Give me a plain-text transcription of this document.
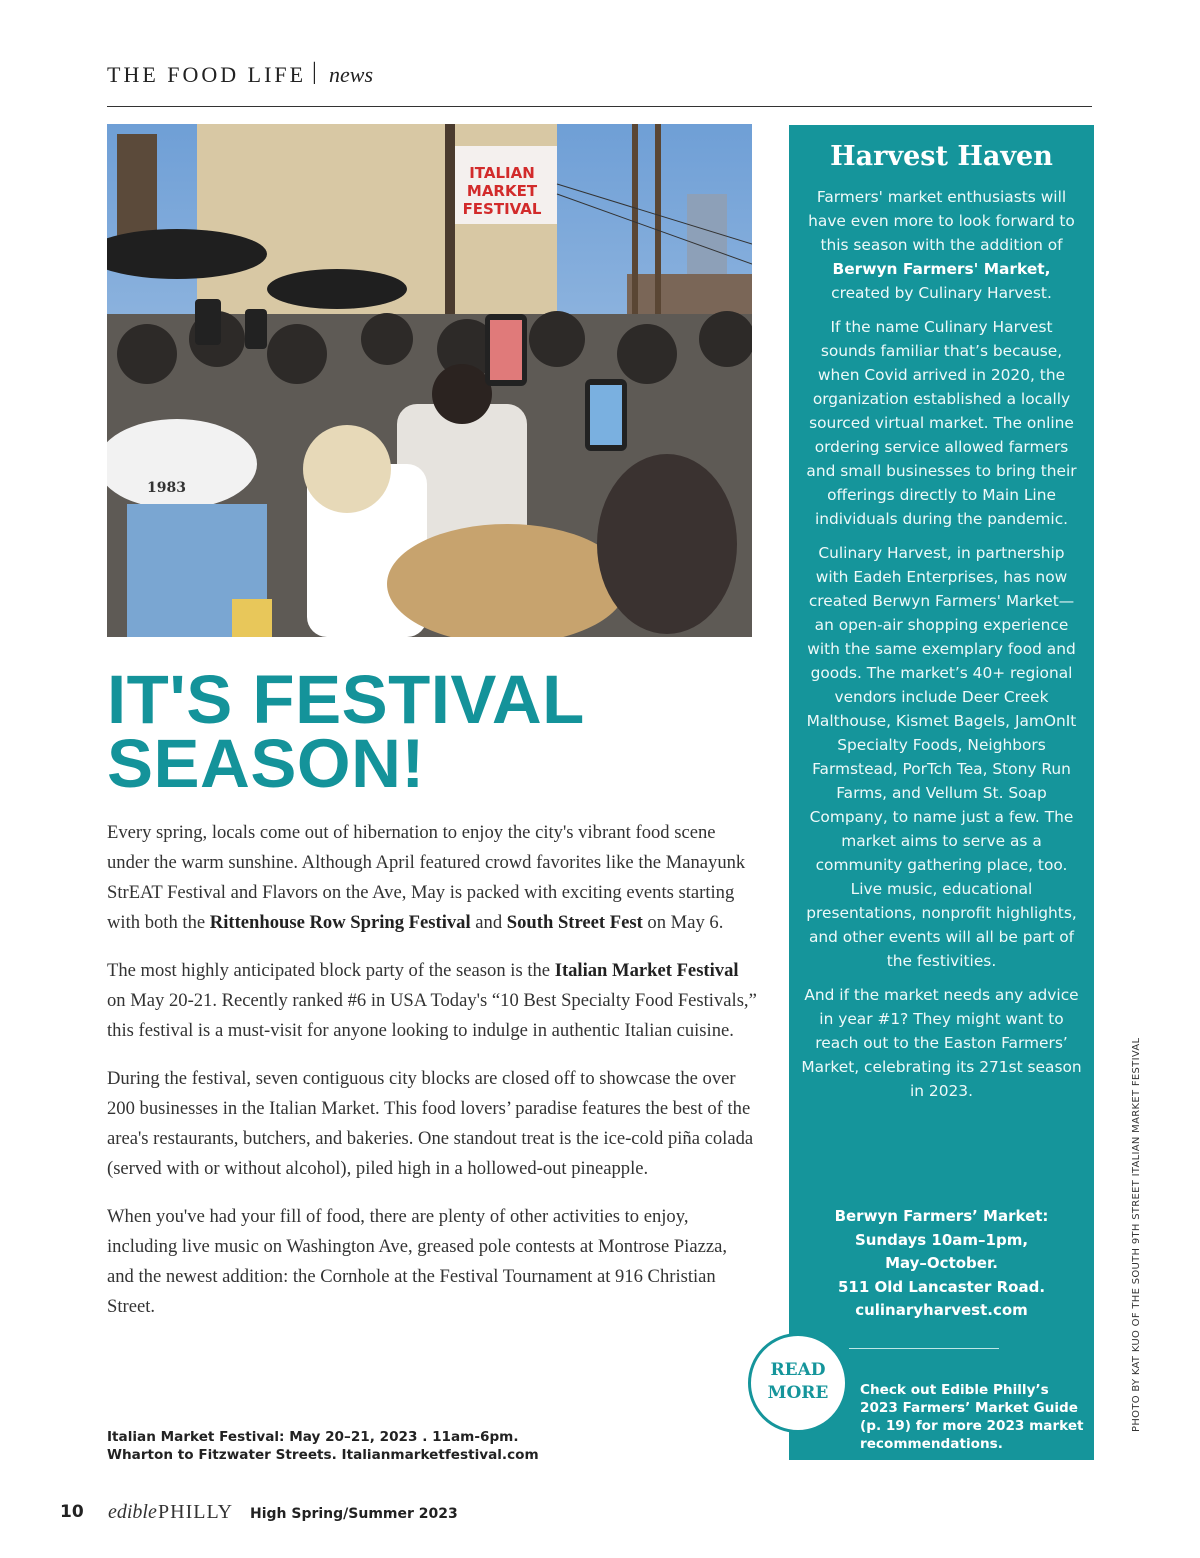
THE FOOD LIFE | news
ITALIAN
MARKET
FESTIVAL
1983
IT'S FESTIVAL
SEASON!

Every spring, locals come out of hibernation to enjoy the city's vibrant food scene under the warm sunshine. Although April featured crowd favorites like the Manayunk StrEAT Festival and Flavors on the Ave, May is packed with exciting events starting with both the Rittenhouse Row Spring Festival and South Street Fest on May 6.

The most highly anticipated block party of the season is the Italian Market Festival on May 20-21. Recently ranked #6 in USA Today's “10 Best Specialty Food Festivals,” this festival is a must-visit for anyone looking to indulge in authentic Italian cuisine.

During the festival, seven contiguous city blocks are closed off to showcase the over 200 businesses in the Italian Market. This food lovers’ paradise features the best of the area's restaurants, butchers, and bakeries. One standout treat is the ice-cold piña colada (served with or without alcohol), piled high in a hollowed-out pineapple.

When you've had your fill of food, there are plenty of other activities to enjoy, including live music on Washington Ave, greased pole contests at Montrose Piazza, and the newest addition: the Cornhole at the Festival Tournament at 916 Christian Street.

Italian Market Festival: May 20–21, 2023 . 11am-6pm.
Wharton to Fitzwater Streets. Italianmarketfestival.com
Harvest Haven

Farmers' market enthusiasts will have even more to look forward to this season with the addition of Berwyn Farmers' Market, created by Culinary Harvest.

If the name Culinary Harvest sounds familiar that’s because, when Covid arrived in 2020, the organization established a locally sourced virtual market. The online ordering service allowed farmers and small businesses to bring their offerings directly to Main Line individuals during the pandemic.

Culinary Harvest, in partnership with Eadeh Enterprises, has now created Berwyn Farmers' Market—an open-air shopping experience with the same exemplary food and goods. The market’s 40+ regional vendors include Deer Creek Malthouse, Kismet Bagels, JamOnIt Specialty Foods, Neighbors Farmstead, PorTch Tea, Stony Run Farms, and Vellum St. Soap Company, to name just a few. The market aims to serve as a community gathering place, too. Live music, educational presentations, nonprofit highlights, and other events will all be part of the festivities.

And if the market needs any advice in year #1? They might want to reach out to the Easton Farmers’ Market, celebrating its 271st season in 2023.

Berwyn Farmers’ Market:
Sundays 10am–1pm,
May–October.
511 Old Lancaster Road.
culinaryharvest.com
Check out Edible Philly’s 2023 Farmers’ Market Guide (p. 19) for more 2023 market recommendations.
READ
MORE	PHOTO BY KAT KUO OF THE SOUTH 9TH STREET ITALIAN MARKET FESTIVAL
10 edible PHILLY High Spring/Summer 2023
